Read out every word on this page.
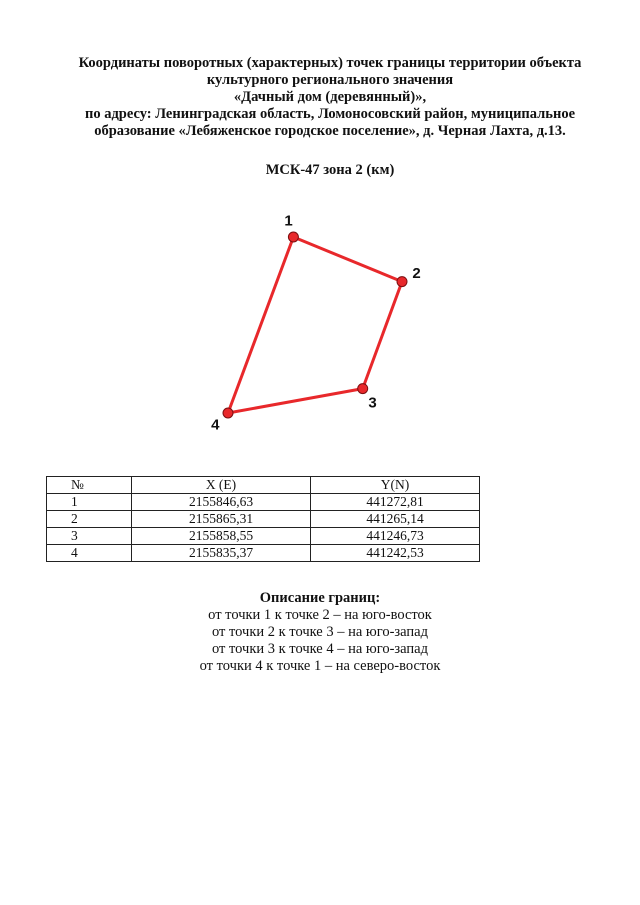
Координаты поворотных (характерных) точек границы территории объекта
культурного регионального значения
«Дачный дом (деревянный)»,
по адресу: Ленинградская область, Ломоносовский район, муниципальное
образование «Лебяженское городское поселение», д. Черная Лахта, д.13.
МСК-47 зона 2 (км)
1
2
3
4
№	X (E)	Y(N)
1	2155846,63	441272,81
2	2155865,31	441265,14
3	2155858,55	441246,73
4	2155835,37	441242,53
Описание границ:
от точки 1 к точке 2 – на юго-восток
от точки 2 к точке 3 – на юго-запад
от точки 3 к точке 4 – на юго-запад
от точки 4 к точке 1 – на северо-восток
